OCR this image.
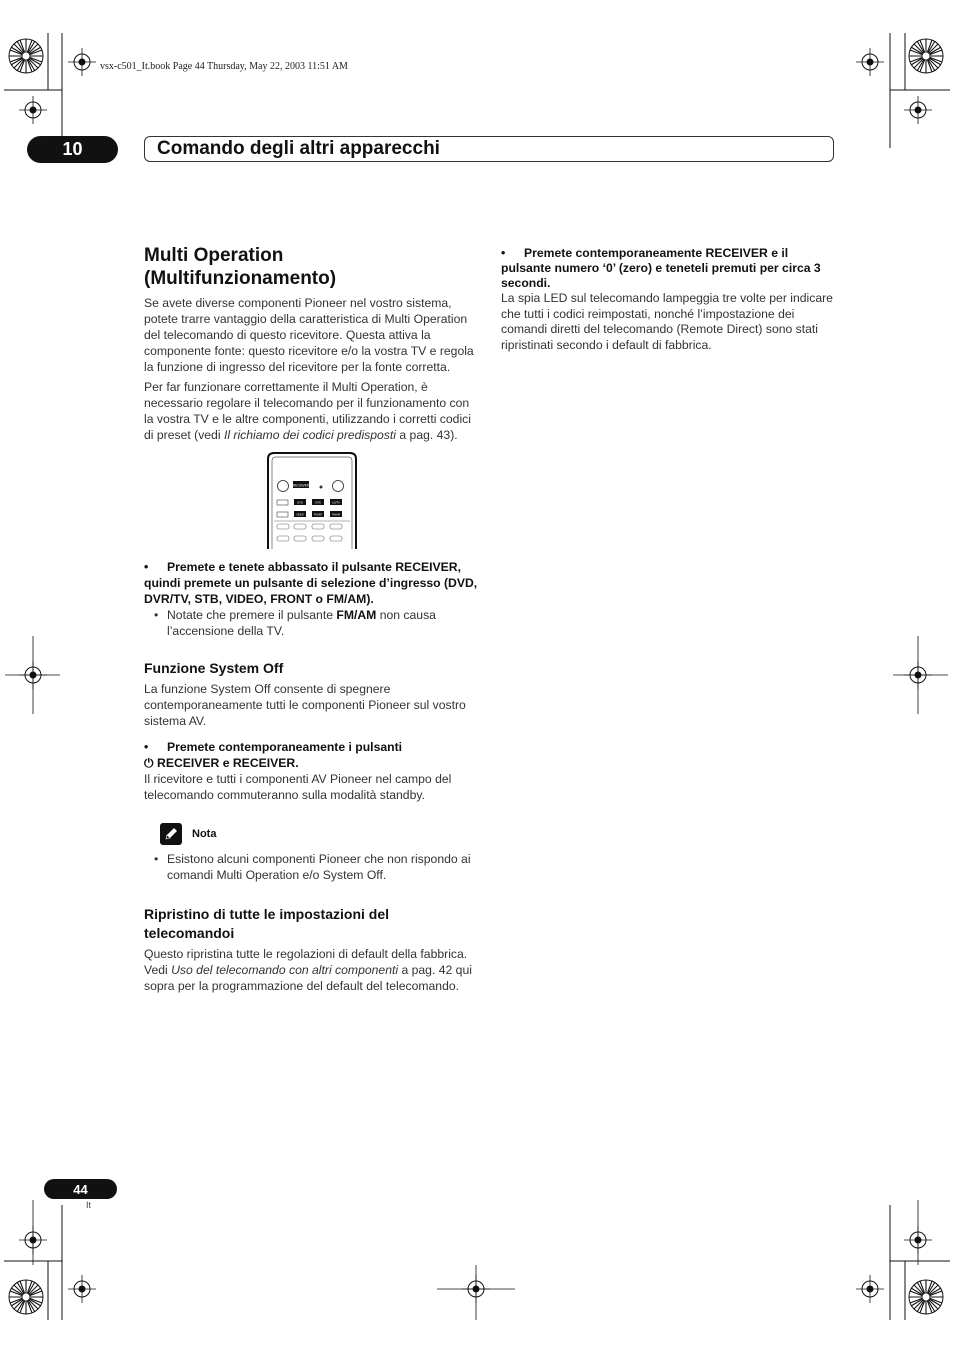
vsx-c501_It.book Page 44 Thursday, May 22, 2003 11:51 AM
10	Comando degli altri apparecchi
Multi Operation
(Multifunzionamento)

Se avete diverse componenti Pioneer nel vostro sistema, potete trarre vantaggio della caratteristica di Multi Operation del telecomando di questo ricevitore. Questa attiva la componente fonte: questo ricevitore e/o la vostra TV e regola la funzione di ingresso del ricevitore per la fonte corretta.

Per far funzionare correttamente il Multi Operation, è necessario regolare il telecomando per il funzionamento con la vostra TV e le altre componenti, utilizzando i corretti codici di preset (vedi Il richiamo dei codici predisposti a pag. 43).

RECEIVER
DVD	DVR	LD/TV
VIDEO	FRONT	FM/AM

• Premete e tenete abbassato il pulsante RECEIVER, quindi premete un pulsante di selezione d’ingresso (DVD, DVR/TV, STB, VIDEO, FRONT o FM/AM).

• Notate che premere il pulsante FM/AM non causa l’accensione della TV.
Funzione System Off

La funzione System Off consente di spegnere contemporaneamente tutti le componenti Pioneer sul vostro sistema AV.

• Premete contemporaneamente i pulsanti
⏻ RECEIVER e RECEIVER.

Il ricevitore e tutti i componenti AV Pioneer nel campo del telecomando commuteranno sulla modalità standby.

Nota
• Esistono alcuni componenti Pioneer che non rispondo ai comandi Multi Operation e/o System Off.
Ripristino di tutte le impostazioni del telecomandoi

Questo ripristina tutte le regolazioni di default della fabbrica. Vedi Uso del telecomando con altri componenti a pag. 42 qui sopra per la programmazione del default del telecomando.

• Premete contemporaneamente RECEIVER e il pulsante numero ‘0’ (zero) e teneteli premuti per circa 3 secondi.

La spia LED sul telecomando lampeggia tre volte per indicare che tutti i codici reimpostati, nonché l’impostazione dei comandi diretti del telecomando (Remote Direct) sono stati ripristinati secondo i default di fabbrica.

44
It
